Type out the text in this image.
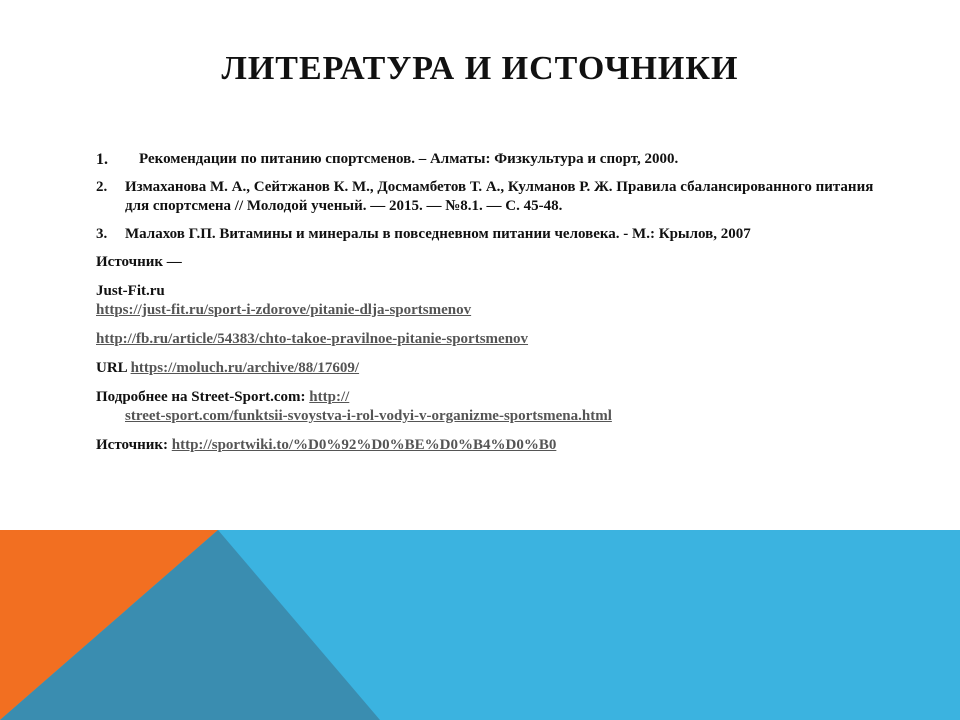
ЛИТЕРАТУРА И ИСТОЧНИКИ
1. Рекомендации по питанию спортсменов. – Алматы: Физкультура и спорт, 2000.
2. Измаханова М. А., Сейтжанов К. М., Досмамбетов Т. А., Кулманов Р. Ж. Правила сбалансированного питания для спортсмена // Молодой ученый. — 2015. — №8.1. — С. 45-48.
3. Малахов Г.П. Витамины и минералы в повседневном питании человека. - М.: Крылов, 2007

Источник —

Just-Fit.ru
https://just-fit.ru/sport-i-zdorove/pitanie-dlja-sportsmenov

http://fb.ru/article/54383/chto-takoe-pravilnoe-pitanie-sportsmenov

URL https://moluch.ru/archive/88/17609/

Подробнее на Street-Sport.com: http://
street-sport.com/funktsii-svoystva-i-rol-vodyi-v-organizme-sportsmena.html

Источник: http://sportwiki.to/%D0%92%D0%BE%D0%B4%D0%B0
